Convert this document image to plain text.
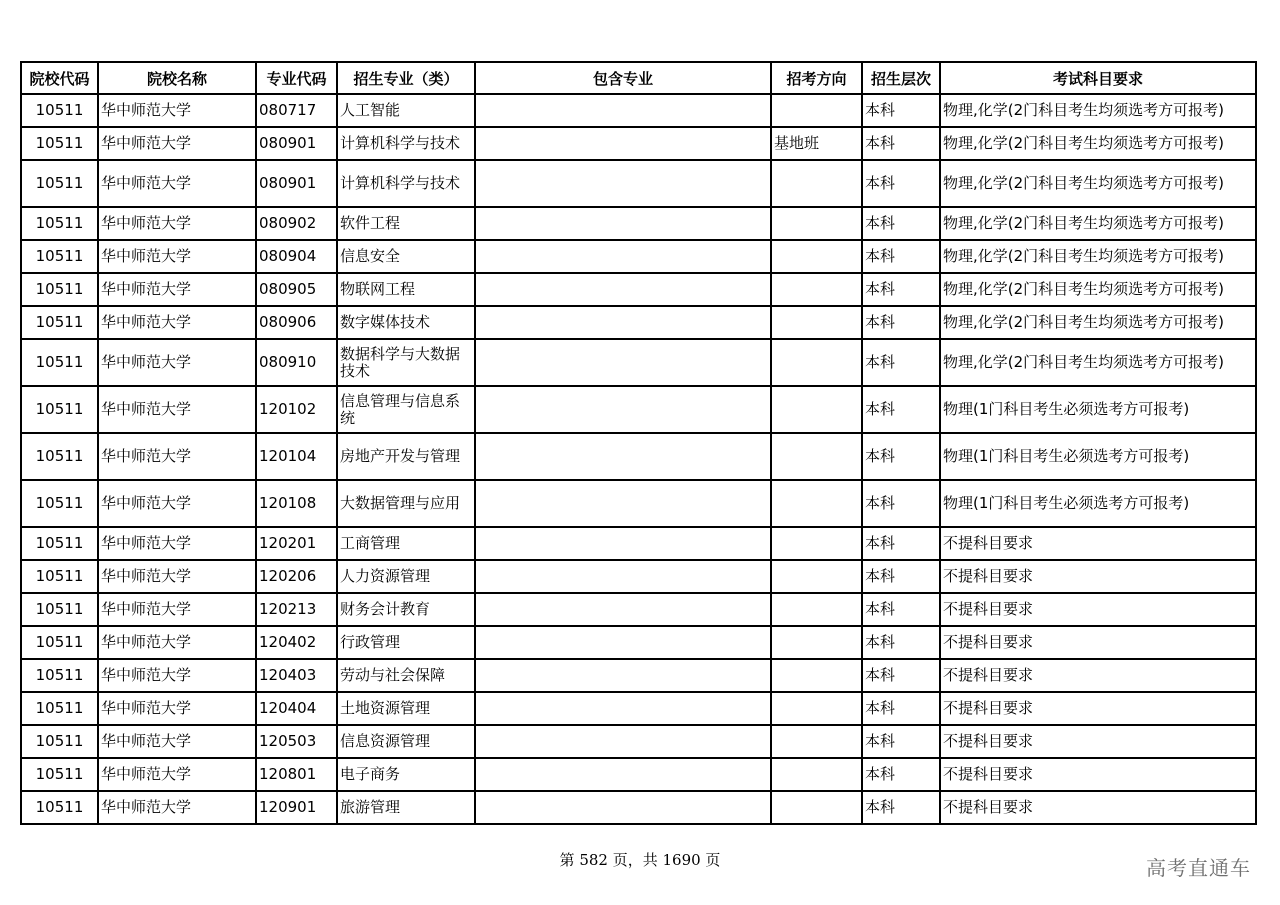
院校代码	院校名称	专业代码	招生专业（类）	包含专业	招考方向	招生层次	考试科目要求
10511	华中师范大学	080717	人工智能			本科	物理,化学(2门科目考生均须选考方可报考)
10511	华中师范大学	080901	计算机科学与技术		基地班	本科	物理,化学(2门科目考生均须选考方可报考)
10511	华中师范大学	080901	计算机科学与技术			本科	物理,化学(2门科目考生均须选考方可报考)
10511	华中师范大学	080902	软件工程			本科	物理,化学(2门科目考生均须选考方可报考)
10511	华中师范大学	080904	信息安全			本科	物理,化学(2门科目考生均须选考方可报考)
10511	华中师范大学	080905	物联网工程			本科	物理,化学(2门科目考生均须选考方可报考)
10511	华中师范大学	080906	数字媒体技术			本科	物理,化学(2门科目考生均须选考方可报考)
10511	华中师范大学	080910	数据科学与大数据技术			本科	物理,化学(2门科目考生均须选考方可报考)
10511	华中师范大学	120102	信息管理与信息系统			本科	物理(1门科目考生必须选考方可报考)
10511	华中师范大学	120104	房地产开发与管理			本科	物理(1门科目考生必须选考方可报考)
10511	华中师范大学	120108	大数据管理与应用			本科	物理(1门科目考生必须选考方可报考)
10511	华中师范大学	120201	工商管理			本科	不提科目要求
10511	华中师范大学	120206	人力资源管理			本科	不提科目要求
10511	华中师范大学	120213	财务会计教育			本科	不提科目要求
10511	华中师范大学	120402	行政管理			本科	不提科目要求
10511	华中师范大学	120403	劳动与社会保障			本科	不提科目要求
10511	华中师范大学	120404	土地资源管理			本科	不提科目要求
10511	华中师范大学	120503	信息资源管理			本科	不提科目要求
10511	华中师范大学	120801	电子商务			本科	不提科目要求
10511	华中师范大学	120901	旅游管理			本科	不提科目要求
第 582 页，共 1690 页	高考直通车
